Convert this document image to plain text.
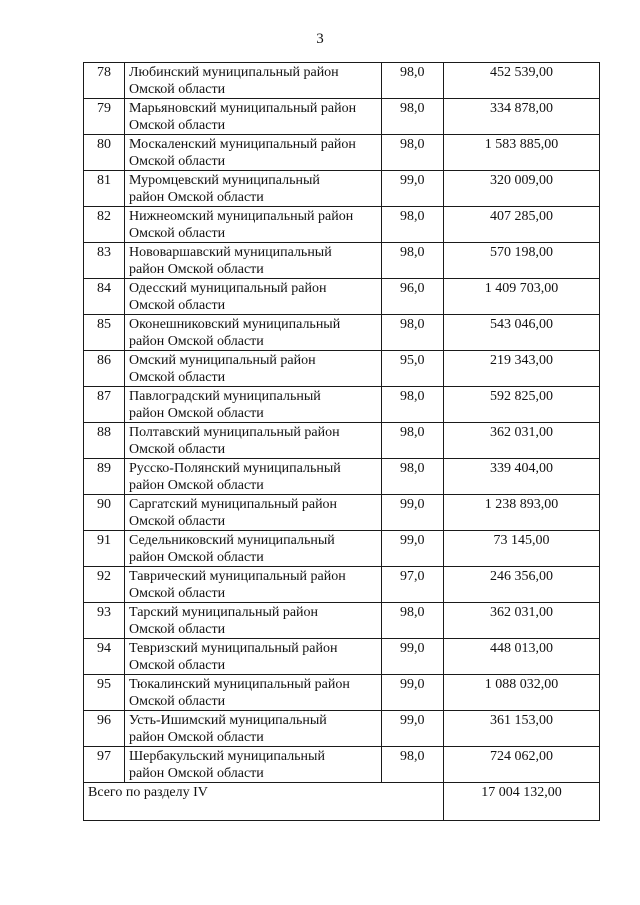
3
78	Любинский муниципальный район
Омской области	98,0	452 539,00
79	Марьяновский муниципальный район
Омской области	98,0	334 878,00
80	Москаленский муниципальный район
Омской области	98,0	1 583 885,00
81	Муромцевский муниципальный
район Омской области	99,0	320 009,00
82	Нижнеомский муниципальный район
Омской области	98,0	407 285,00
83	Нововаршавский муниципальный
район Омской области	98,0	570 198,00
84	Одесский муниципальный район
Омской области	96,0	1 409 703,00
85	Оконешниковский муниципальный
район Омской области	98,0	543 046,00
86	Омский муниципальный район
Омской области	95,0	219 343,00
87	Павлоградский муниципальный
район Омской области	98,0	592 825,00
88	Полтавский муниципальный район
Омской области	98,0	362 031,00
89	Русско-Полянский муниципальный
район Омской области	98,0	339 404,00
90	Саргатский муниципальный район
Омской области	99,0	1 238 893,00
91	Седельниковский муниципальный
район Омской области	99,0	73 145,00
92	Таврический муниципальный район
Омской области	97,0	246 356,00
93	Тарский муниципальный район
Омской области	98,0	362 031,00
94	Тевризский муниципальный район
Омской области	99,0	448 013,00
95	Тюкалинский муниципальный район
Омской области	99,0	1 088 032,00
96	Усть-Ишимский муниципальный
район Омской области	99,0	361 153,00
97	Шербакульский муниципальный
район Омской области	98,0	724 062,00
Всего по разделу IV			17 004 132,00
